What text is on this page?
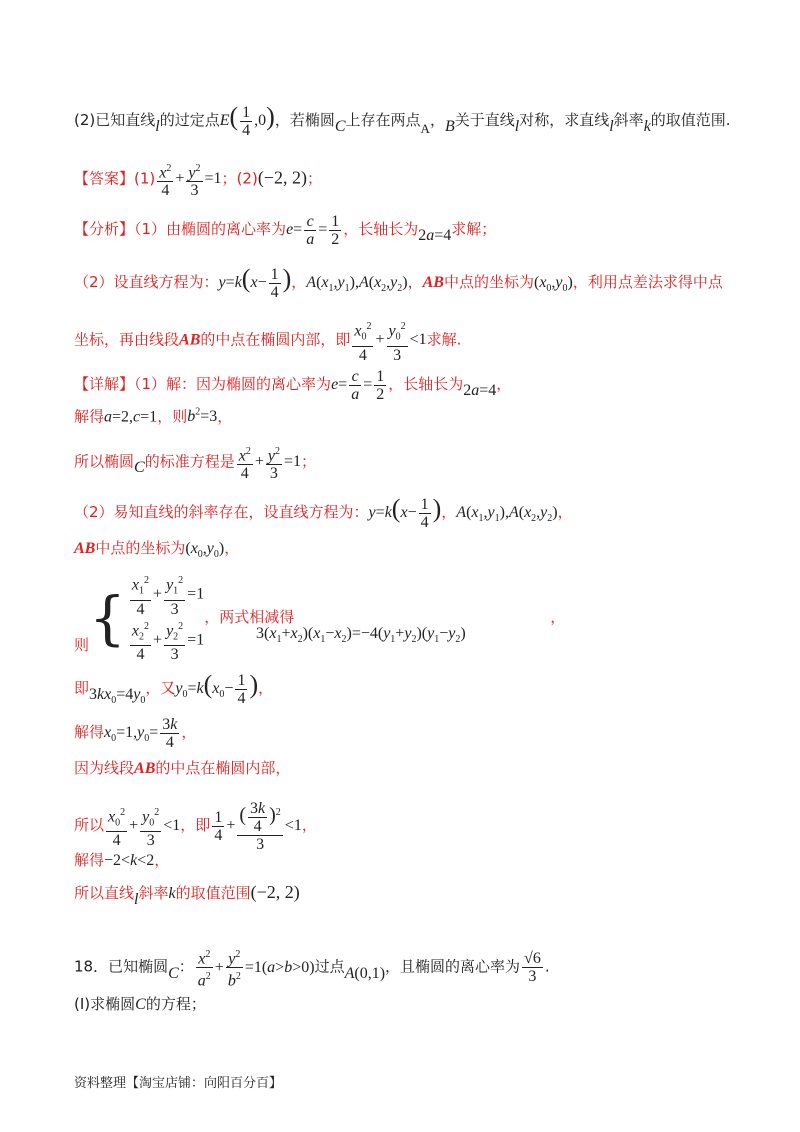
(2)已知直线l的过定点$E( \frac{1}{4} ,0)$，若椭圆C上存在两点A，B关于直线l对称，求直线l斜率k的取值范围.
【答案】$(1) \frac{x^2}{4} + \frac{y^2}{3} =1$；(2)(−2, 2)；
【分析】（1）由椭圆的离心率为$e= \frac{c}{a} = \frac{1}{2}$ ，长轴长为2a=4求解；
（2）设直线方程为：$y=k(x- \frac{1}{4}$ )，$A(x_1,y_1),A(x_2,y_2)$，AB中点的坐标为$(x_0,y_0)$，利用点差法求得中点
坐标，再由线段AB的中点在椭圆内部，即 $\frac{x_0^2}{4} + \frac{y_0^2}{3} <1$求解.
【详解】（1）解：因为椭圆的离心率为$e= \frac{c}{a} = \frac{1}{2}$ ，长轴长为2a=4，
解得a=2,c=1，则$b^2=3$，
所以椭圆C的标准方程是 $\frac{x^2}{4} + \frac{y^2}{3} =1$；
（2）易知直线的斜率存在，设直线方程为：$y=k(x- \frac{1}{4}$ )，$A(x_1,y_1),A(x_2,y_2)$，
AB中点的坐标为$(x_0,y_0)$，
则 { $\frac{x_1^2}{4} + \frac{y_1^2}{3} =1$
$\frac{x_2^2}{4} + \frac{y_2^2}{3} =1$
，两式相减得	，
$3(x_1+x_2)(x_1-x_2)=-4(y_1+y_2)(y_1-y_2)$
即$3kx_0=4y_0$，又$y_0=k(x_0- \frac{1}{4}$ )，
解得$x_0=1,y_0= \frac{3k}{4}$ ，
因为线段AB的中点在椭圆内部，
所以 $\frac{x_0^2}{4} + \frac{y_0^2}{3} <1$，即 $\frac{1}{4} + \frac{( \frac{3k}{4} )^2}{3} <1$，
解得−2<k<2，
所以直线l斜率k的取值范围(−2, 2)
18．已知椭圆C： $\frac{x^2}{a^2} + \frac{y^2}{b^2} =1(a>b>0)$过点A(0,1)，且椭圆的离心率为 $\frac{√6}{3}$ .
(Ⅰ)求椭圆C的方程；
资料整理【淘宝店铺：向阳百分百】
